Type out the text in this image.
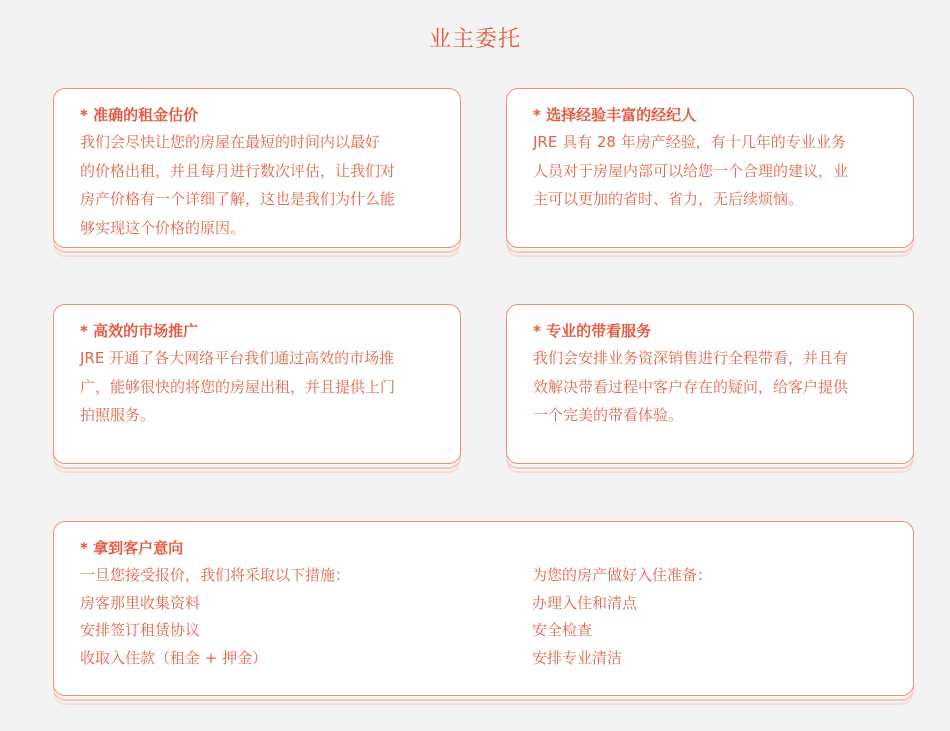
业主委托
* 准确的租金估价

我们会尽快让您的房屋在最短的时间内以最好

的价格出租，并且每月进行数次评估，让我们对

房产价格有一个详细了解，这也是我们为什么能

够实现这个价格的原因。

* 选择经验丰富的经纪人

JRE 具有 28 年房产经验，有十几年的专业业务

人员对于房屋内部可以给您一个合理的建议，业

主可以更加的省时、省力，无后续烦恼。

* 高效的市场推广

JRE 开通了各大网络平台我们通过高效的市场推

广，能够很快的将您的房屋出租，并且提供上门

拍照服务。

* 专业的带看服务

我们会安排业务资深销售进行全程带看，并且有

效解决带看过程中客户存在的疑问，给客户提供

一个完美的带看体验。

* 拿到客户意向
一旦您接受报价，我们将采取以下措施：
房客那里收集资料
安排签订租赁协议
收取入住款（租金 + 押金）
为您的房产做好入住准备：
办理入住和清点
安全检查
安排专业清洁
